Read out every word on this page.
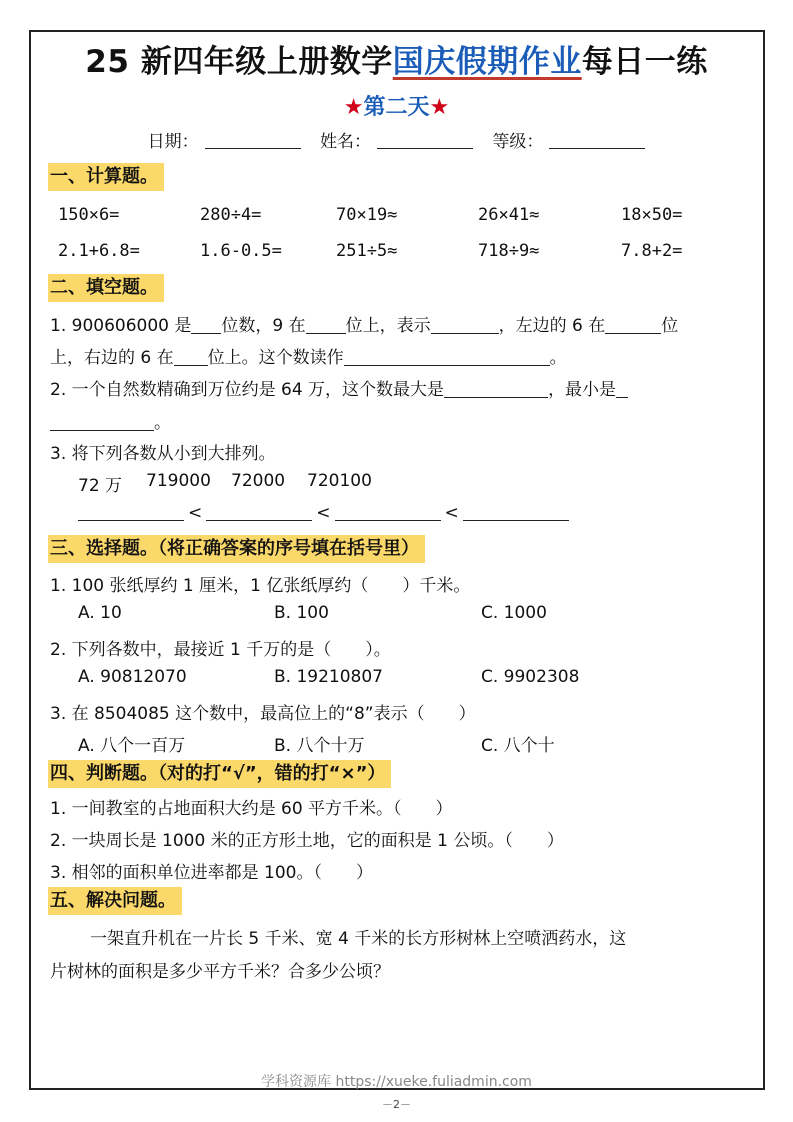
25 新四年级上册数学国庆假期作业每日一练
★第二天★
日期：	姓名：	等级：
一、计算题。
150×6=	280÷4=	70×19≈	26×41≈	18×50=
2.1+6.8=	1.6-0.5=	251÷5≈	718÷9≈	7.8+2=
二、填空题。
1. 900606000 是 位数，9 在 位上，表示	，左边的 6 在	位
上，右边的 6 在 位上。这个数读作	。
2. 一个自然数精确到万位约是 64 万，这个数最大是	，最小是
。
3. 将下列各数从小到大排列。
72 万 719000 72000 720100
<	<	<
三、选择题。（将正确答案的序号填在括号里）
1. 100 张纸厚约 1 厘米，1 亿张纸厚约（　　）千米。
A. 10	B. 100	C. 1000
2. 下列各数中，最接近 1 千万的是（　　）。
A. 90812070	B. 19210807	C. 9902308
3. 在 8504085 这个数中，最高位上的“8”表示（　　）
A. 八个一百万	B. 八个十万	C. 八个十
四、判断题。（对的打“√”，错的打“×”）
1. 一间教室的占地面积大约是 60 平方千米。（　　）
2. 一块周长是 1000 米的正方形土地，它的面积是 1 公顷。（　　）
3. 相邻的面积单位进率都是 100。（　　）
五、解决问题。
一架直升机在一片长 5 千米、宽 4 千米的长方形树林上空喷洒药水，这
片树林的面积是多少平方千米？合多少公顷？
学科资源库 https://xueke.fuliadmin.com
－2－
